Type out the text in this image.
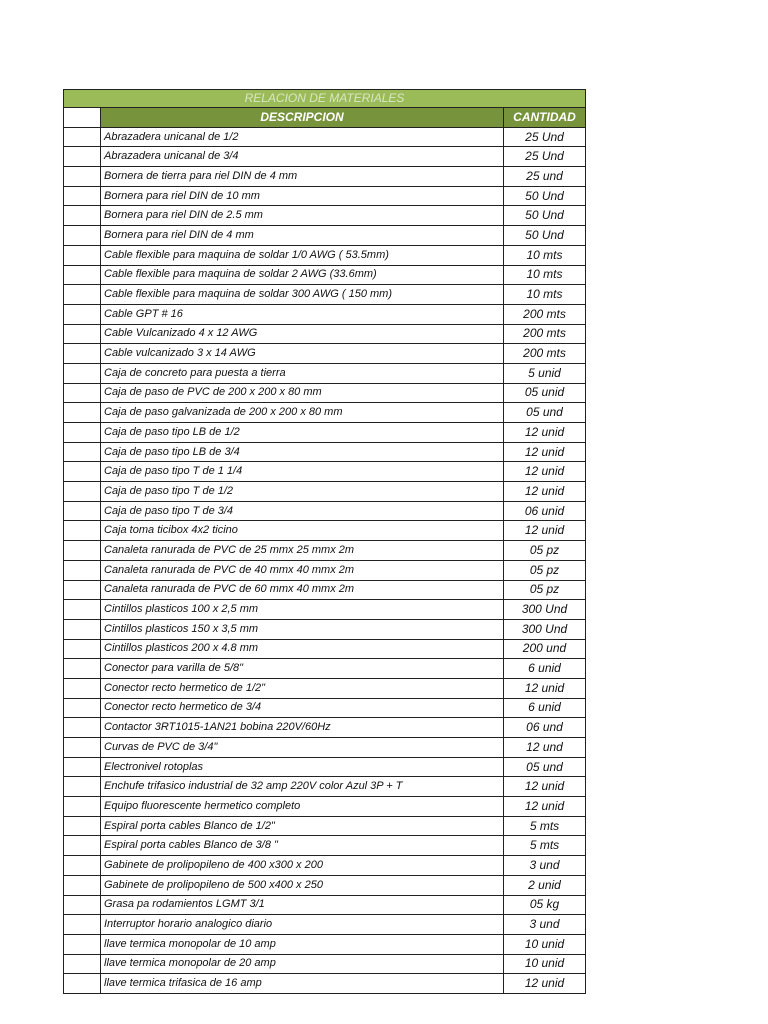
RELACION DE MATERIALES		
	DESCRIPCION	CANTIDAD
	Abrazadera unicanal de 1/2	25 Und
	Abrazadera unicanal de 3/4	25 Und
	Bornera de tierra para riel DIN de 4 mm	25 und
	Bornera para riel DIN de 10 mm	50 Und
	Bornera para riel DIN de 2.5 mm	50 Und
	Bornera para riel DIN de 4 mm	50 Und
	Cable flexible para maquina de soldar 1/0 AWG ( 53.5mm)	10 mts
	Cable flexible para maquina de soldar 2 AWG (33.6mm)	10 mts
	Cable flexible para maquina de soldar 300 AWG ( 150 mm)	10 mts
	Cable GPT # 16	200 mts
	Cable Vulcanizado 4 x 12 AWG	200 mts
	Cable vulcanizado 3 x 14 AWG	200 mts
	Caja de concreto para puesta a tierra	5 unid
	Caja de paso de PVC de 200 x 200 x 80 mm	05 unid
	Caja de paso galvanizada de 200 x 200 x 80 mm	05 und
	Caja de paso tipo LB de 1/2	12 unid
	Caja de paso tipo LB de 3/4	12 unid
	Caja de paso tipo T de 1 1/4	12 unid
	Caja de paso tipo T de 1/2	12 unid
	Caja de paso tipo T de 3/4	06 unid
	Caja toma ticibox 4x2 ticino	12 unid
	Canaleta ranurada de PVC de 25 mmx 25 mmx 2m	05 pz
	Canaleta ranurada de PVC de 40 mmx 40 mmx 2m	05 pz
	Canaleta ranurada de PVC de 60 mmx 40 mmx 2m	05 pz
	Cintillos plasticos 100 x 2,5 mm	300 Und
	Cintillos plasticos 150 x 3,5 mm	300 Und
	Cintillos plasticos 200 x 4.8 mm	200 und
	Conector para varilla de 5/8"	6 unid
	Conector recto hermetico de 1/2"	12 unid
	Conector recto hermetico de 3/4	6 unid
	Contactor 3RT1015-1AN21 bobina 220V/60Hz	06 und
	Curvas de PVC de 3/4"	12 und
	Electronivel rotoplas	05 und
	Enchufe trifasico industrial de 32 amp 220V color Azul 3P + T	12 unid
	Equipo fluorescente hermetico completo	12 unid
	Espiral porta cables Blanco de 1/2"	5 mts
	Espiral porta cables Blanco de 3/8 "	5 mts
	Gabinete de prolipopileno de 400 x300 x 200	3 und
	Gabinete de prolipopileno de 500 x400 x 250	2 unid
	Grasa pa rodamientos LGMT 3/1	05 kg
	Interruptor horario analogico diario	3 und
	llave termica monopolar de 10 amp	10 unid
	llave termica monopolar de 20 amp	10 unid
	llave termica trifasica de 16 amp	12 unid
